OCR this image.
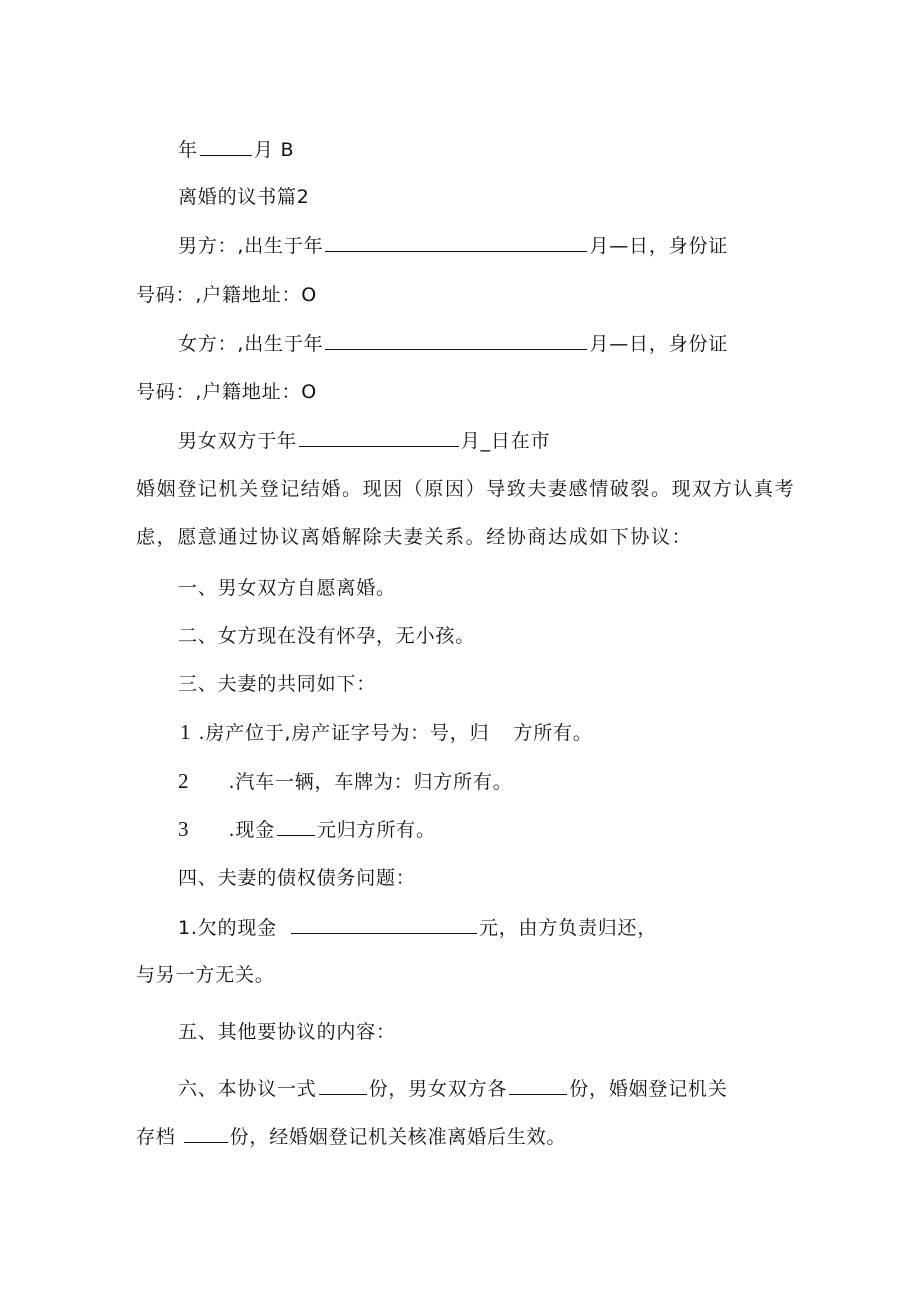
年	月 B
离婚的议书篇2
男方：,出生于年	月—日，身份证
号码：,户籍地址：O
女方：,出生于年	月—日，身份证
号码：,户籍地址：O
男女双方于年	月_日在市
婚姻登记机关登记结婚。现因（原因）导致夫妻感情破裂。现双方认真考
虑，愿意通过协议离婚解除夫妻关系。经协商达成如下协议：
一、男女双方自愿离婚。
二、女方现在没有怀孕，无小孩。
三、夫妻的共同如下：
1 .房产位于,房产证字号为：号，归 方所有。
2 .汽车一辆，车牌为：归方所有。
3 .现金 元归方所有。
四、夫妻的债权债务问题：
1.欠的现金	元，由方负责归还，
与另一方无关。
五、其他要协议的内容：
六、本协议一式	份，男女双方各	份，婚姻登记机关
存档	份，经婚姻登记机关核准离婚后生效。
